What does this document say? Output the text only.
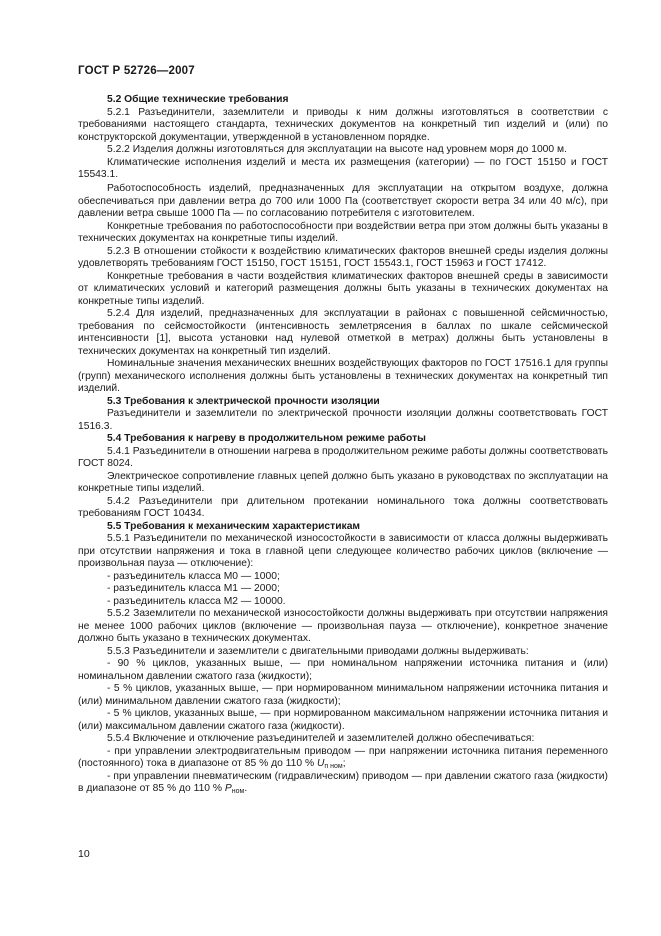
ГОСТ Р 52726—2007

5.2 Общие технические требования

5.2.1 Разъединители, заземлители и приводы к ним должны изготовляться в соответствии с требованиями настоящего стандарта, технических документов на конкретный тип изделий и (или) по конструкторской документации, утвержденной в установленном порядке.

5.2.2 Изделия должны изготовляться для эксплуатации на высоте над уровнем моря до 1000 м.

Климатические исполнения изделий и места их размещения (категории) — по ГОСТ 15150 и ГОСТ 15543.1.

Работоспособность изделий, предназначенных для эксплуатации на открытом воздухе, должна обеспечиваться при давлении ветра до 700 или 1000 Па (соответствует скорости ветра 34 или 40 м/с), при давлении ветра свыше 1000 Па — по согласованию потребителя с изготовителем.

Конкретные требования по работоспособности при воздействии ветра при этом должны быть указаны в технических документах на конкретные типы изделий.

5.2.3 В отношении стойкости к воздействию климатических факторов внешней среды изделия должны удовлетворять требованиям ГОСТ 15150, ГОСТ 15151, ГОСТ 15543.1, ГОСТ 15963 и ГОСТ 17412.

Конкретные требования в части воздействия климатических факторов внешней среды в зависимости от климатических условий и категорий размещения должны быть указаны в технических документах на конкретные типы изделий.

5.2.4 Для изделий, предназначенных для эксплуатации в районах с повышенной сейсмичностью, требования по сейсмостойкости (интенсивность землетрясения в баллах по шкале сейсмической интенсивности [1], высота установки над нулевой отметкой в метрах) должны быть установлены в технических документах на конкретный тип изделий.

Номинальные значения механических внешних воздействующих факторов по ГОСТ 17516.1 для группы (групп) механического исполнения должны быть установлены в технических документах на конкретный тип изделий.

5.3 Требования к электрической прочности изоляции

Разъединители и заземлители по электрической прочности изоляции должны соответствовать ГОСТ 1516.3.

5.4 Требования к нагреву в продолжительном режиме работы

5.4.1 Разъединители в отношении нагрева в продолжительном режиме работы должны соответствовать ГОСТ 8024.

Электрическое сопротивление главных цепей должно быть указано в руководствах по эксплуатации на конкретные типы изделий.

5.4.2 Разъединители при длительном протекании номинального тока должны соответствовать требованиям ГОСТ 10434.

5.5 Требования к механическим характеристикам

5.5.1 Разъединители по механической износостойкости в зависимости от класса должны выдерживать при отсутствии напряжения и тока в главной цепи следующее количество рабочих циклов (включение — произвольная пауза — отключение):

- разъединитель класса М0 — 1000;

- разъединитель класса М1 — 2000;

- разъединитель класса М2 — 10000.

5.5.2 Заземлители по механической износостойкости должны выдерживать при отсутствии напряжения не менее 1000 рабочих циклов (включение — произвольная пауза — отключение), конкретное значение должно быть указано в технических документах.

5.5.3 Разъединители и заземлители с двигательными приводами должны выдерживать:

- 90 % циклов, указанных выше, — при номинальном напряжении источника питания и (или) номинальном давлении сжатого газа (жидкости);

- 5 % циклов, указанных выше, — при нормированном минимальном напряжении источника питания и (или) минимальном давлении сжатого газа (жидкости);

- 5 % циклов, указанных выше, — при нормированном максимальном напряжении источника питания и (или) максимальном давлении сжатого газа (жидкости).

5.5.4 Включение и отключение разъединителей и заземлителей должно обеспечиваться:

- при управлении электродвигательным приводом — при напряжении источника питания переменного (постоянного) тока в диапазоне от 85 % до 110 % $U_{п ном}$;

- при управлении пневматическим (гидравлическим) приводом — при давлении сжатого газа (жидкости) в диапазоне от 85 % до 110 % $P_{ном}$.

10
